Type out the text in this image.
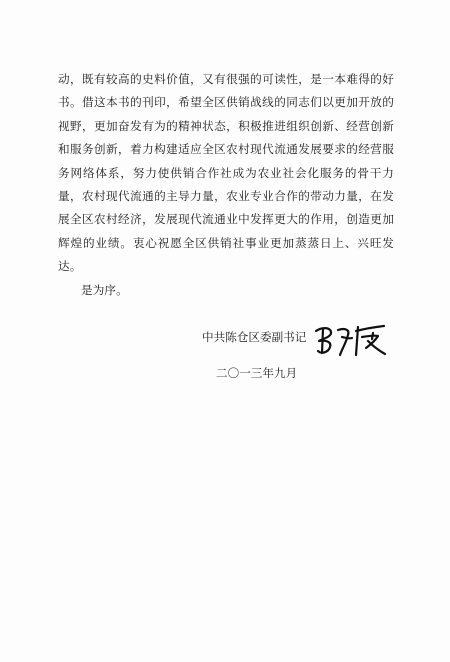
动，既有较高的史料价值，又有很强的可读性，是一本难得的好书。借这本书的刊印，希望全区供销战线的同志们以更加开放的视野，更加奋发有为的精神状态，积极推进组织创新、经营创新和服务创新，着力构建适应全区农村现代流通发展要求的经营服务网络体系，努力使供销合作社成为农业社会化服务的骨干力量，农村现代流通的主导力量，农业专业合作的带动力量，在发展全区农村经济，发展现代流通业中发挥更大的作用，创造更加辉煌的业绩。衷心祝愿全区供销社事业更加蒸蒸日上、兴旺发达。

是为序。

中共陈仓区委副书记
二〇一三年九月
